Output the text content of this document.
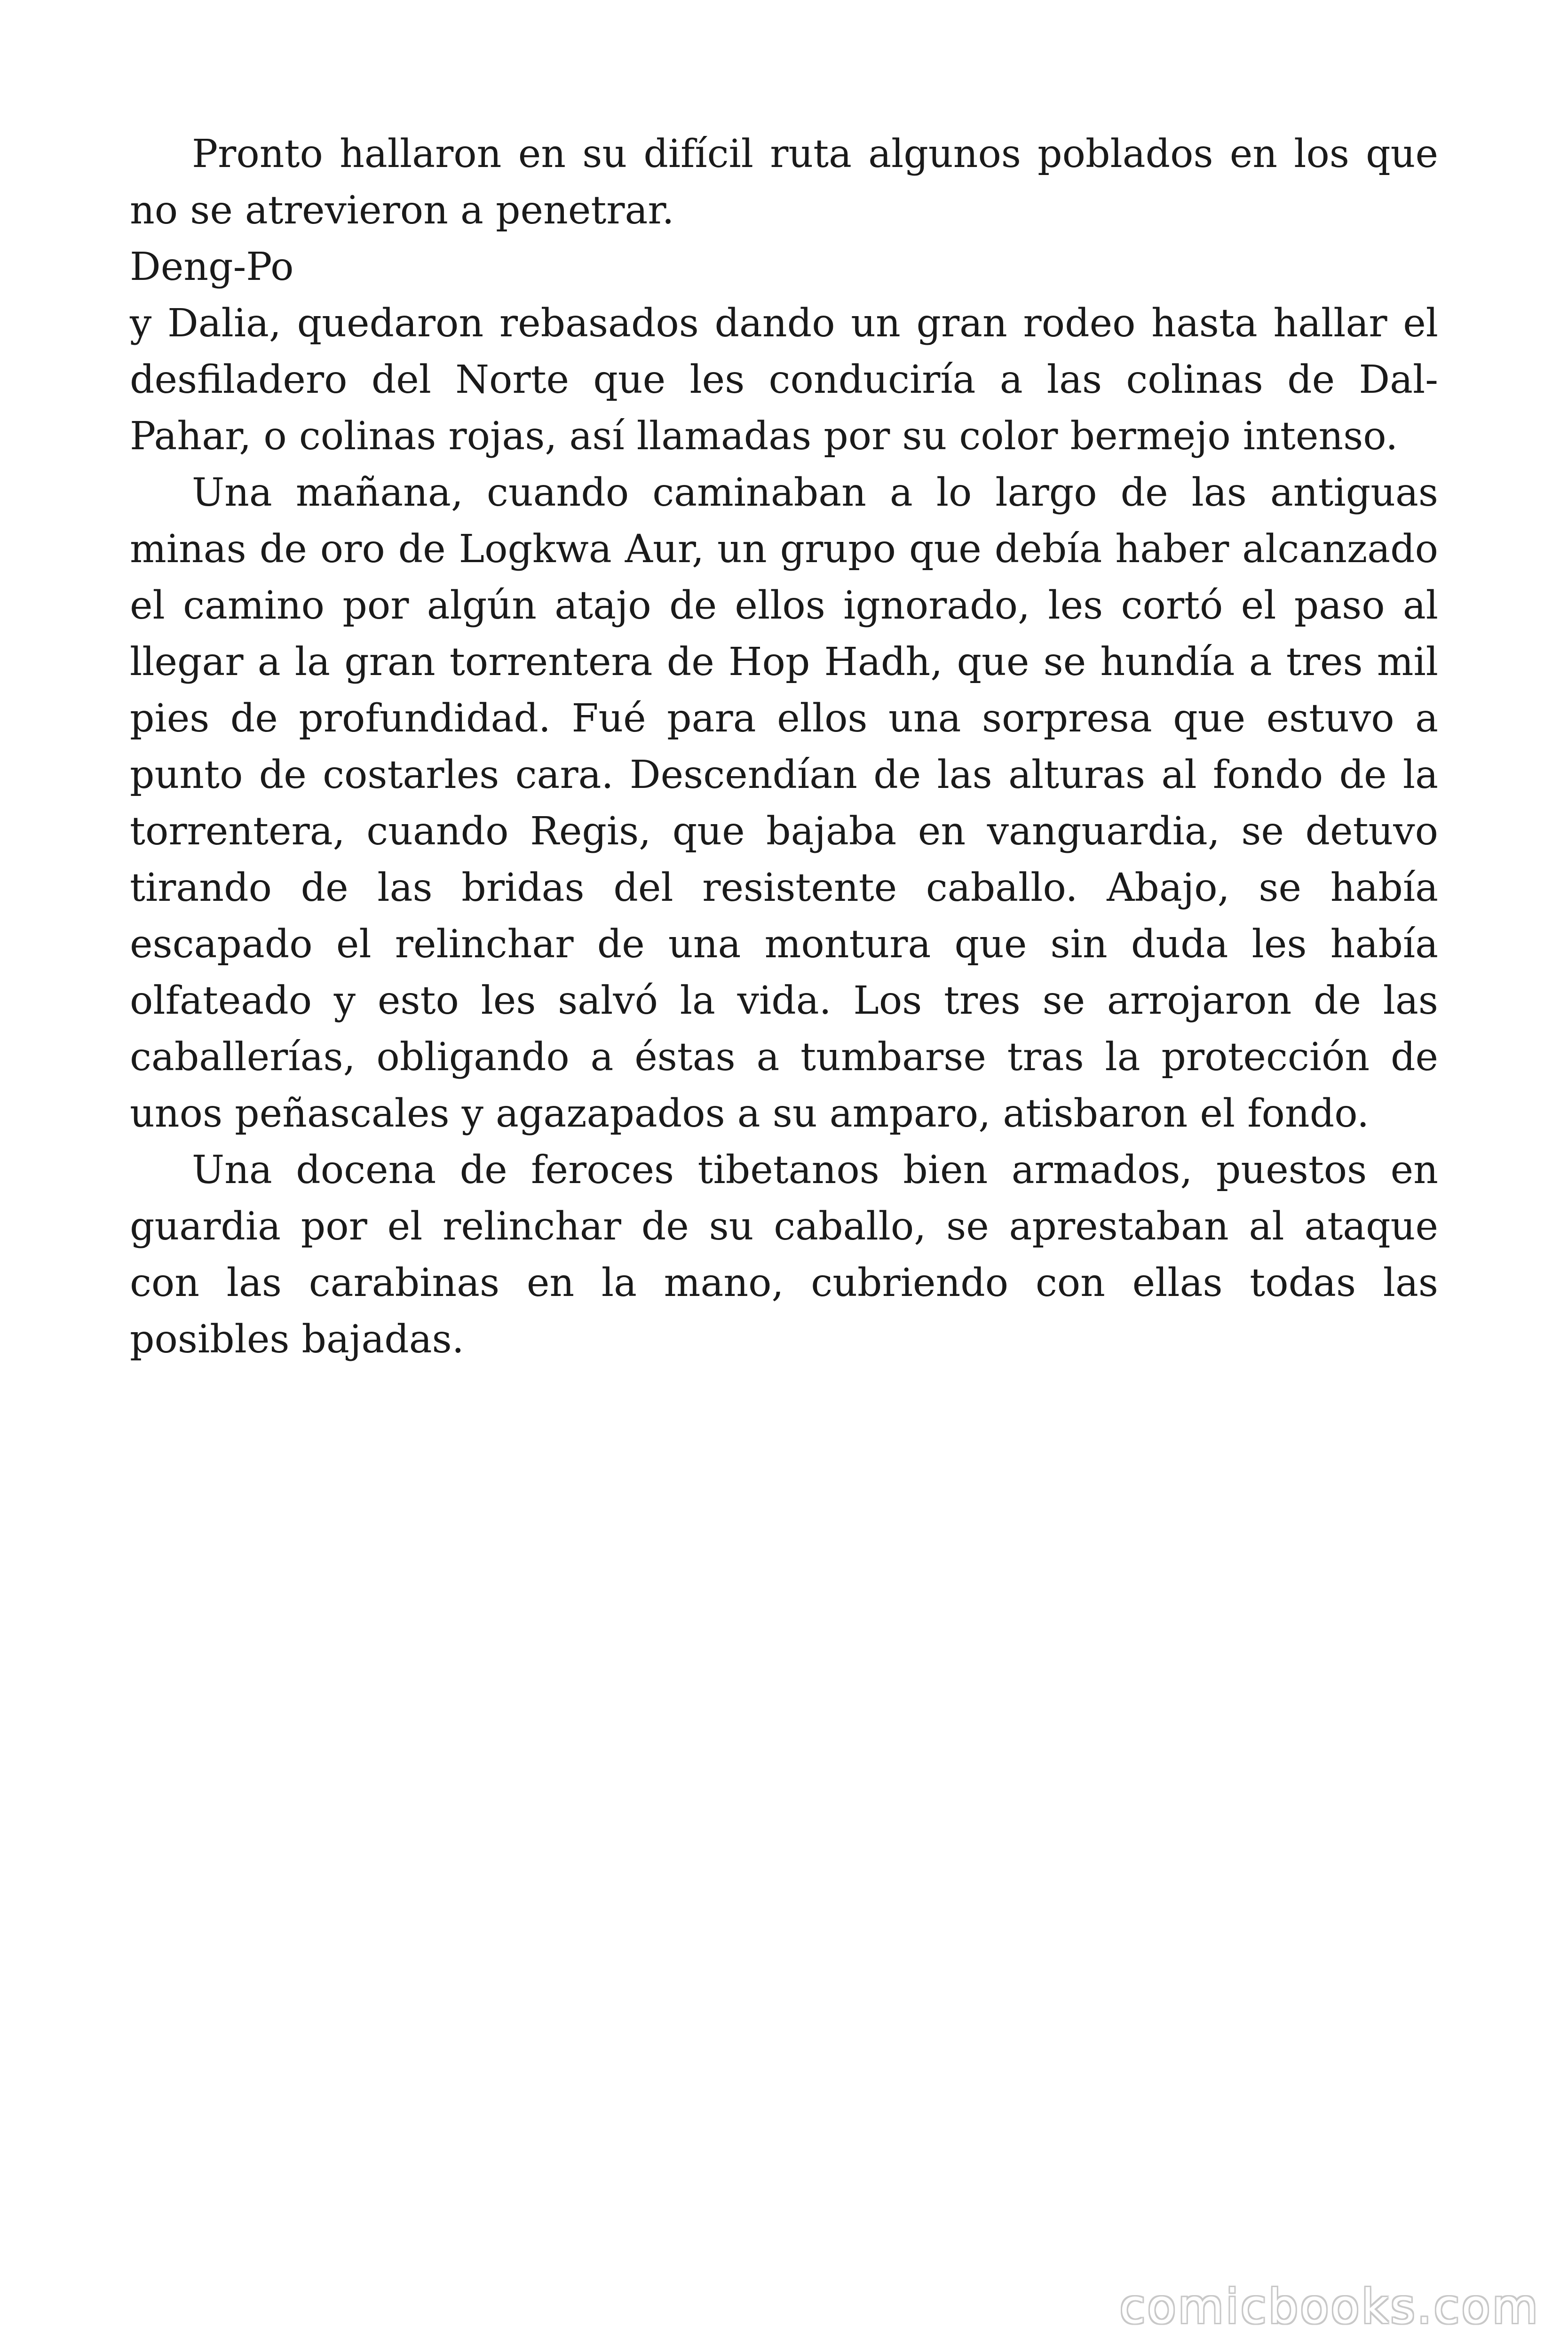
Pronto hallaron en su difícil ruta algunos poblados en los que no se atrevieron a penetrar.

Deng-Po

y Dalia, quedaron rebasados dando un gran rodeo hasta hallar el desfiladero del Norte que les conduciría a las colinas de Dal-Pahar, o colinas rojas, así llamadas por su color bermejo intenso.

Una mañana, cuando caminaban a lo largo de las antiguas minas de oro de Logkwa Aur, un grupo que debía haber alcanzado el camino por algún atajo de ellos ignorado, les cortó el paso al llegar a la gran torrentera de Hop Hadh, que se hundía a tres mil pies de profundidad. Fué para ellos una sorpresa que estuvo a punto de costarles cara. Descendían de las alturas al fondo de la torrentera, cuando Regis, que bajaba en vanguardia, se detuvo tirando de las bridas del resistente caballo. Abajo, se había escapado el relinchar de una montura que sin duda les había olfateado y esto les salvó la vida. Los tres se arrojaron de las caballerías, obligando a éstas a tumbarse tras la protección de unos peñascales y agazapados a su amparo, atisbaron el fondo.

Una docena de feroces tibetanos bien armados, puestos en guardia por el relinchar de su caballo, se aprestaban al ataque con las carabinas en la mano, cubriendo con ellas todas las posibles bajadas.

comicbooks.com
